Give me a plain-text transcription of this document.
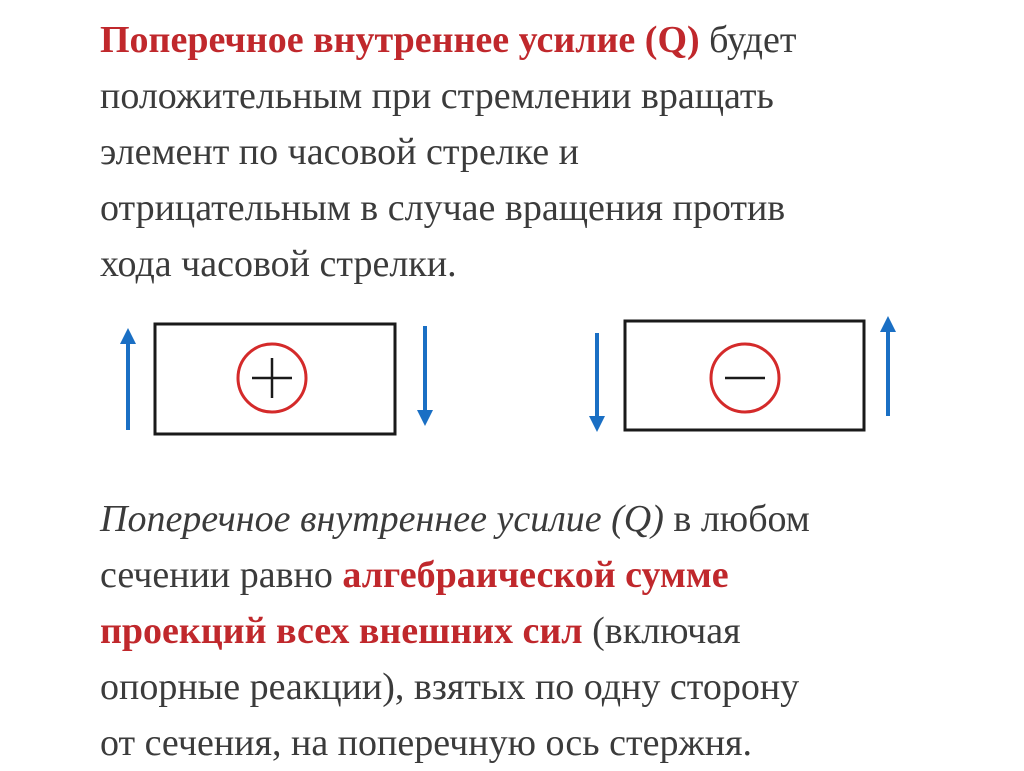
Поперечное внутреннее усилие (Q) будет
положительным при стремлении вращать
элемент по часовой стрелке и
отрицательным в случае вращения против
хода часовой стрелки.
Поперечное внутреннее усилие (Q) в любом
сечении равно алгебраической сумме
проекций всех внешних сил (включая
опорные реакции), взятых по одну сторону
от сечения, на поперечную ось стержня.
